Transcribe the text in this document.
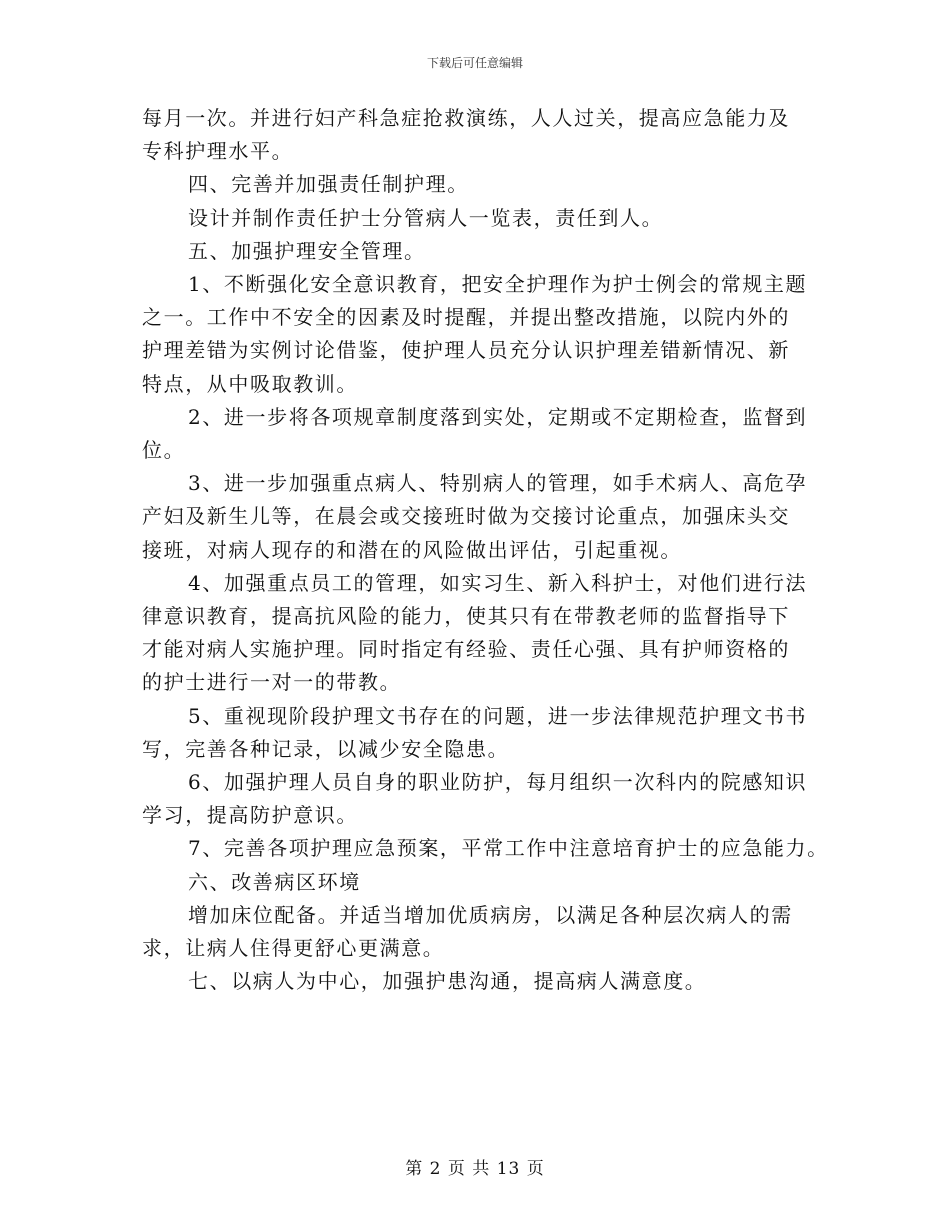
下载后可任意编辑
每月一次。并进行妇产科急症抢救演练，人人过关，提高应急能力及
专科护理水平。
四、完善并加强责任制护理。
设计并制作责任护士分管病人一览表，责任到人。
五、加强护理安全管理。
1、不断强化安全意识教育，把安全护理作为护士例会的常规主题
之一。工作中不安全的因素及时提醒，并提出整改措施，以院内外的
护理差错为实例讨论借鉴，使护理人员充分认识护理差错新情况、新
特点，从中吸取教训。
2、进一步将各项规章制度落到实处，定期或不定期检查，监督到
位。
3、进一步加强重点病人、特别病人的管理，如手术病人、高危孕
产妇及新生儿等，在晨会或交接班时做为交接讨论重点，加强床头交
接班，对病人现存的和潜在的风险做出评估，引起重视。
4、加强重点员工的管理，如实习生、新入科护士，对他们进行法
律意识教育，提高抗风险的能力，使其只有在带教老师的监督指导下
才能对病人实施护理。同时指定有经验、责任心强、具有护师资格的
的护士进行一对一的带教。
5、重视现阶段护理文书存在的问题，进一步法律规范护理文书书
写，完善各种记录，以减少安全隐患。
6、加强护理人员自身的职业防护，每月组织一次科内的院感知识
学习，提高防护意识。
7、完善各项护理应急预案，平常工作中注意培育护士的应急能力。
六、改善病区环境
增加床位配备。并适当增加优质病房，以满足各种层次病人的需
求，让病人住得更舒心更满意。
七、以病人为中心，加强护患沟通，提高病人满意度。
第 2 页 共 13 页
